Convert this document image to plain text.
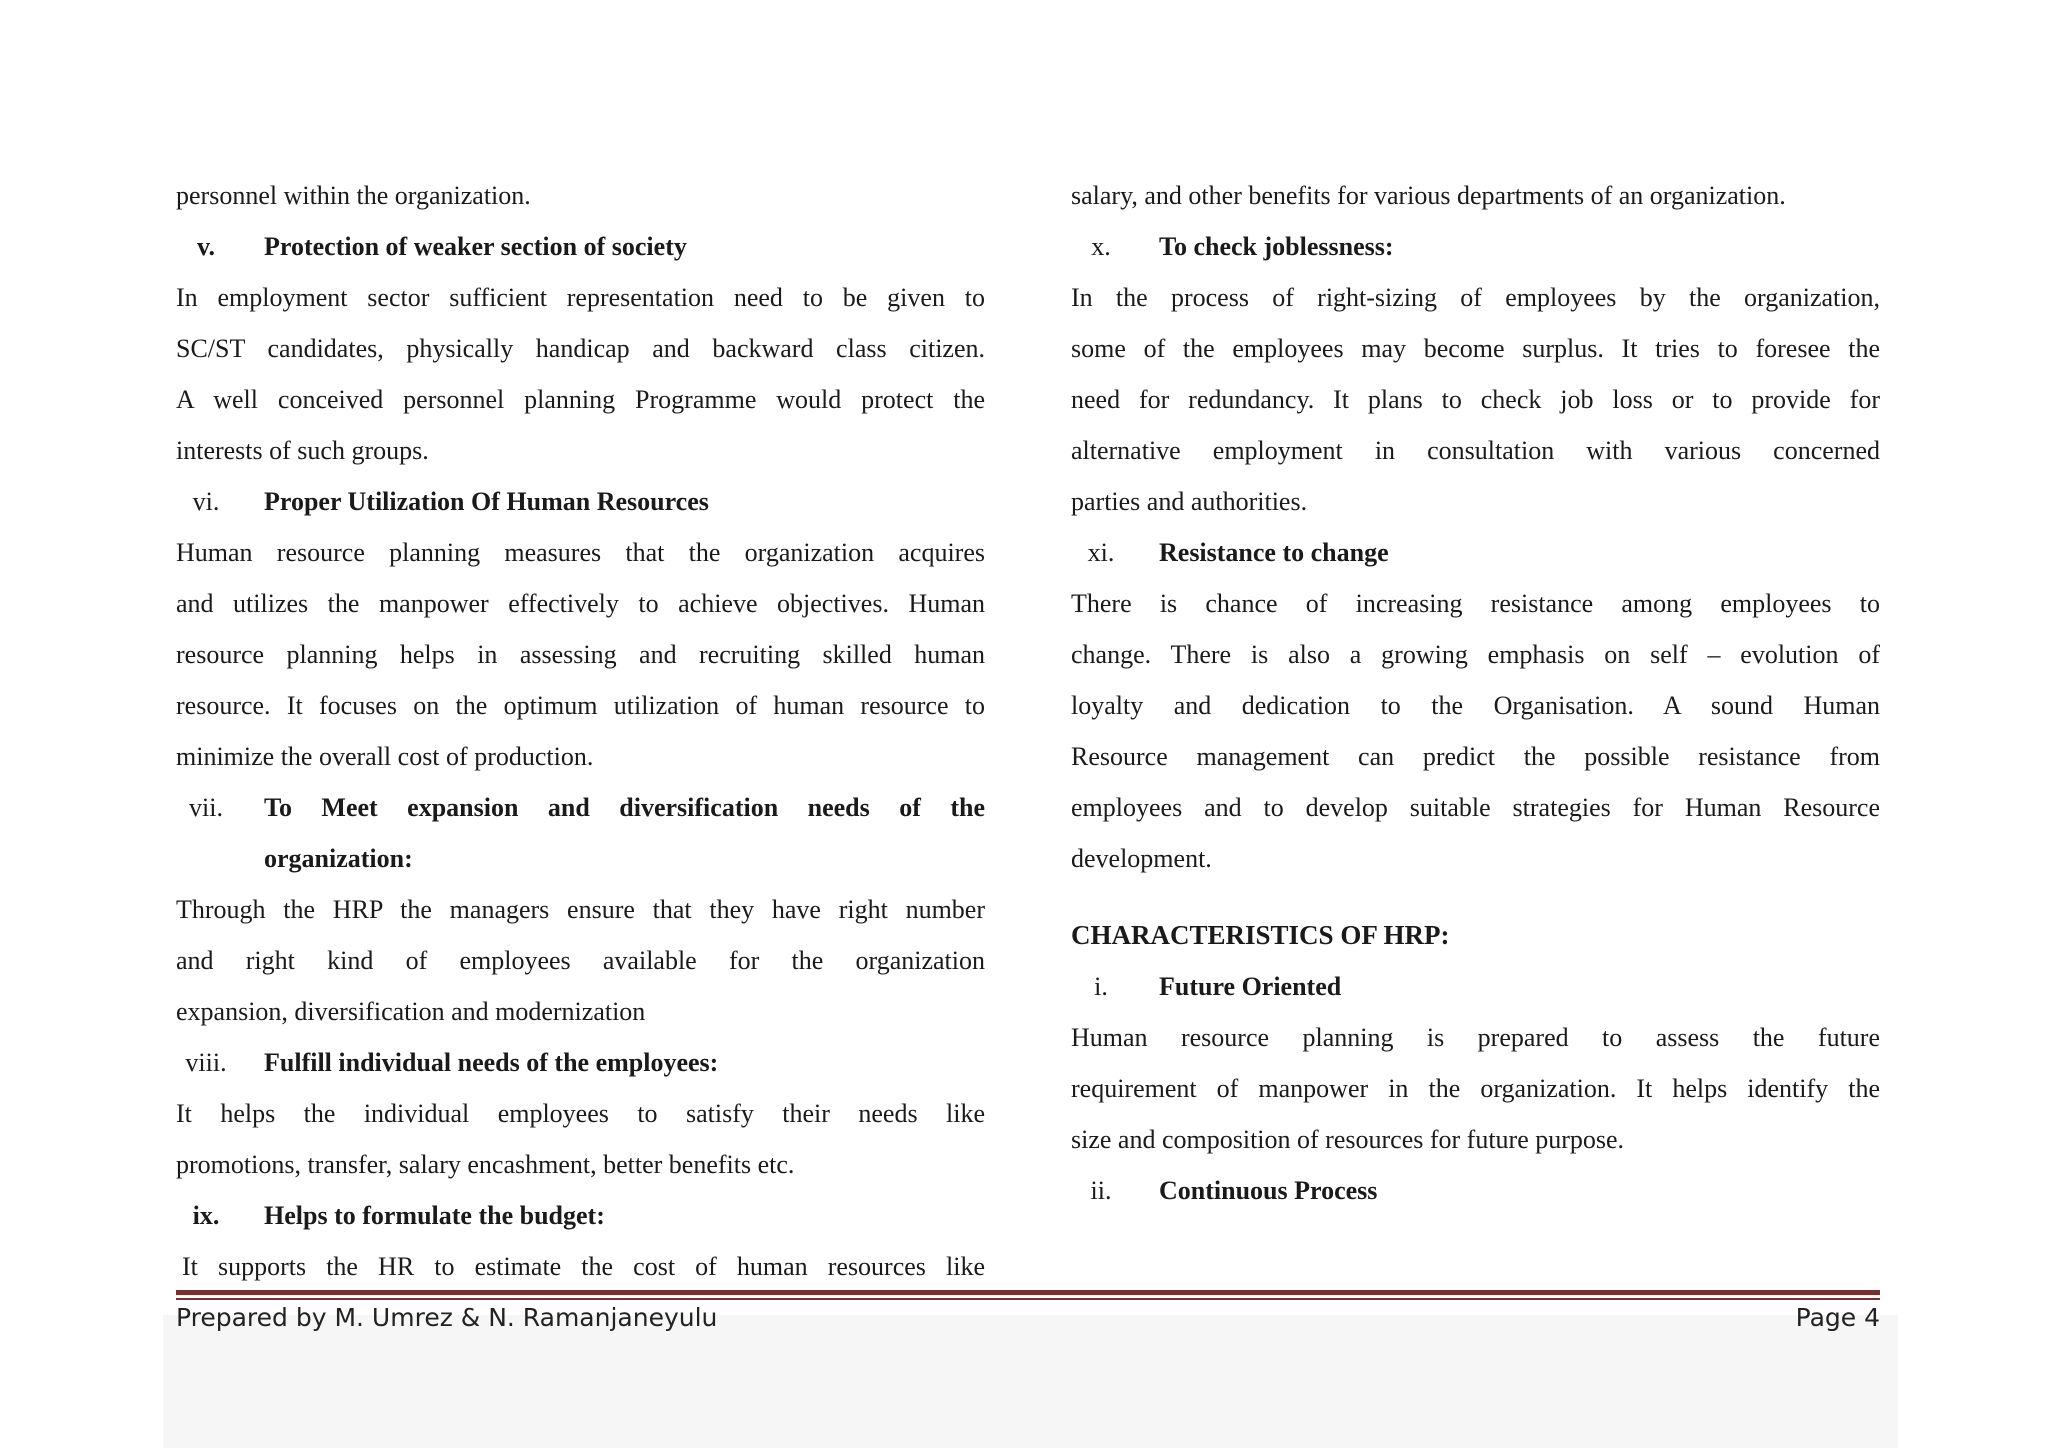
personnel within the organization.
v.	Protection of weaker section of society
In employment sector sufficient representation need to be given to
SC/ST candidates, physically handicap and backward class citizen.
A well conceived personnel planning Programme would protect the
interests of such groups.
vi.	Proper Utilization Of Human Resources
Human resource planning measures that the organization acquires
and utilizes the manpower effectively to achieve objectives. Human
resource planning helps in assessing and recruiting skilled human
resource. It focuses on the optimum utilization of human resource to
minimize the overall cost of production.
vii.	To Meet expansion and diversification needs of the
organization:
Through the HRP the managers ensure that they have right number
and right kind of employees available for the organization
expansion, diversification and modernization
viii.	Fulfill individual needs of the employees:
It helps the individual employees to satisfy their needs like
promotions, transfer, salary encashment, better benefits etc.
ix.	Helps to formulate the budget:
It supports the HR to estimate the cost of human resources like
salary, and other benefits for various departments of an organization.
x.	To check joblessness:
In the process of right-sizing of employees by the organization,
some of the employees may become surplus. It tries to foresee the
need for redundancy. It plans to check job loss or to provide for
alternative employment in consultation with various concerned
parties and authorities.
xi.	Resistance to change
There is chance of increasing resistance among employees to
change. There is also a growing emphasis on self – evolution of
loyalty and dedication to the Organisation. A sound Human
Resource management can predict the possible resistance from
employees and to develop suitable strategies for Human Resource
development.
CHARACTERISTICS OF HRP:
i.	Future Oriented
Human resource planning is prepared to assess the future
requirement of manpower in the organization. It helps identify the
size and composition of resources for future purpose.
ii.	Continuous Process
Prepared by M. Umrez & N. Ramanjaneyulu	Page 4
